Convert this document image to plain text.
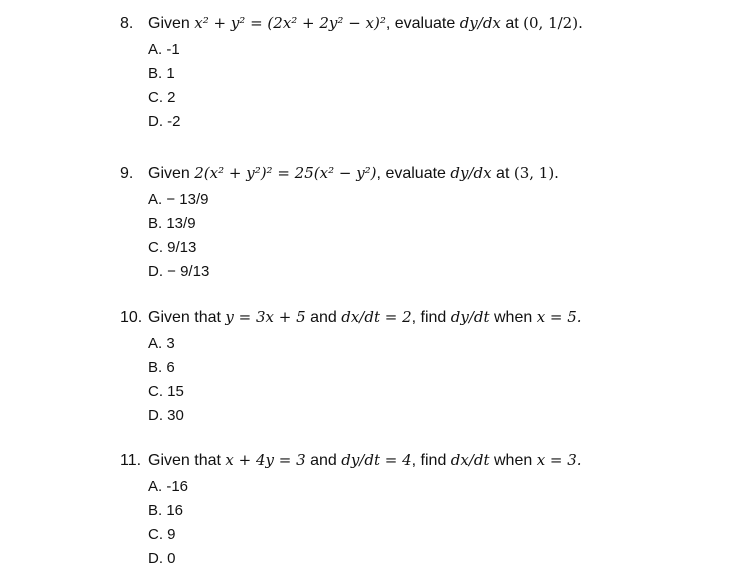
8. Given x² + y² = (2x² + 2y² − x)², evaluate dy/dx at (0, 1/2).
A. -1
B. 1
C. 2
D. -2
9. Given 2(x² + y²)² = 25(x² − y²), evaluate dy/dx at (3, 1).
A. − 13/9
B. 13/9
C. 9/13
D. − 9/13
10. Given that y = 3x + 5 and dx/dt = 2, find dy/dt when x = 5.
A. 3
B. 6
C. 15
D. 30
11. Given that x + 4y = 3 and dy/dt = 4, find dx/dt when x = 3.
A. -16
B. 16
C. 9
D. 0
